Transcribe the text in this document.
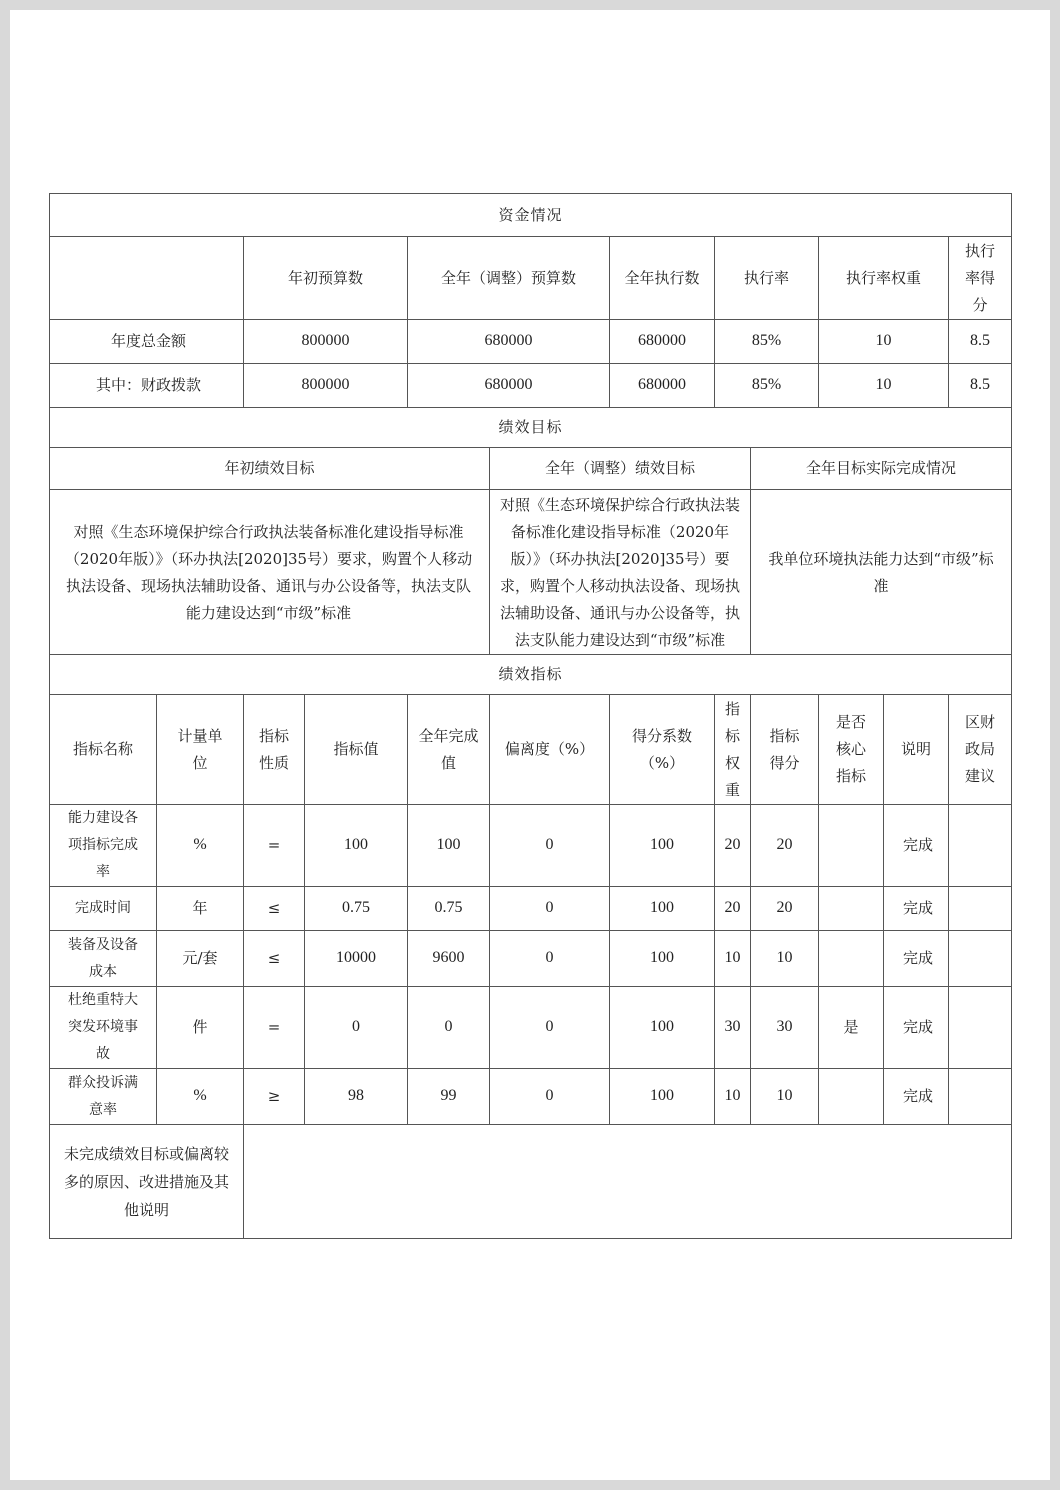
资金情况											
		年初预算数		全年（调整）预算数		全年执行数	执行率		执行率权重		执行率得分
年度总金额		800000		680000		680000	85%		10		8.5
其中：财政拨款		800000		680000		680000	85%		10		8.5
绩效目标											
年初绩效目标					全年（调整）绩效目标			全年目标实际完成情况			
对照《生态环境保护综合行政执法装备标准化建设指导标准（2020年版）》（环办执法[2020]35号）要求，购置个人移动执法设备、现场执法辅助设备、通讯与办公设备等，执法支队能力建设达到“市级”标准					对照《生态环境保护综合行政执法装备标准化建设指导标准（2020年版）》（环办执法[2020]35号）要求，购置个人移动执法设备、现场执法辅助设备、通讯与办公设备等，执法支队能力建设达到“市级”标准			我单位环境执法能力达到“市级”标准			
绩效指标											
指标名称	计量单位	指标性质	指标值	全年完成值	偏离度（%）	得分系数（%）	指标权重	指标得分	是否核心指标	说明	区财政局建议
能力建设各项指标完成率	%	=	100	100	0	100	20	20		完成	
完成时间	年	≤	0.75	0.75	0	100	20	20		完成	
装备及设备成本	元/套	≤	10000	9600	0	100	10	10		完成	
杜绝重特大突发环境事故	件	=	0	0	0	100	30	30	是	完成	
群众投诉满意率	%	≥	98	99	0	100	10	10		完成	
未完成绩效目标或偏离较多的原因、改进措施及其他说明											
